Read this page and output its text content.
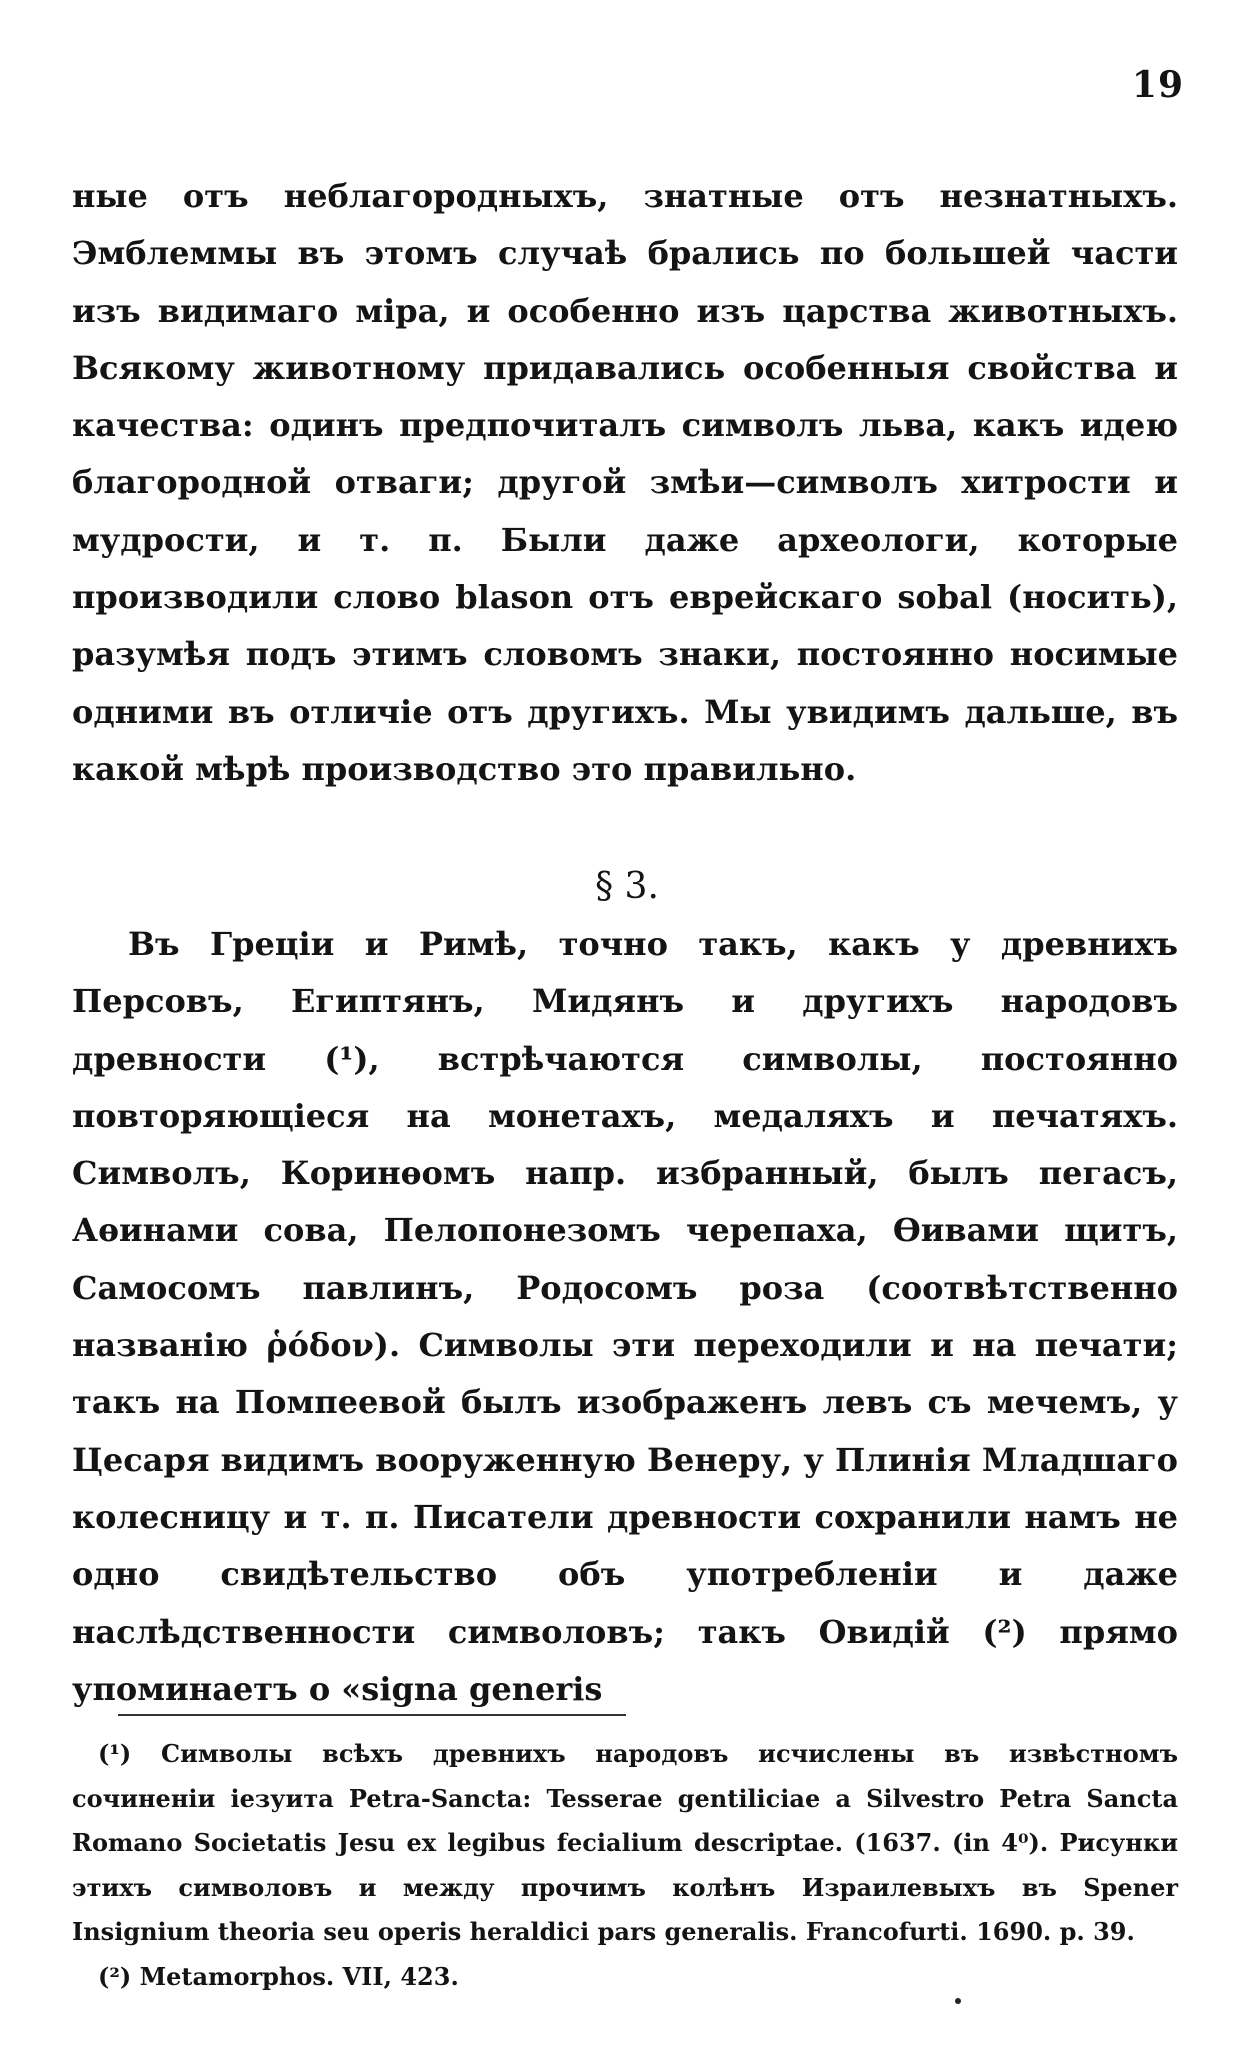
19
ные отъ неблагородныхъ, знатные отъ незнатныхъ. Эмблеммы въ этомъ случаѣ брались по большей части изъ видимаго міра, и особенно изъ царства животныхъ. Всякому животному придавались особенныя свойства и качества: одинъ предпочиталъ символъ льва, какъ идею благородной отваги; другой змѣи—символъ хитрости и мудрости, и т. п. Были даже археологи, которые производили слово blason отъ еврейскаго sobal (носить), разумѣя подъ этимъ словомъ знаки, постоянно носимые одними въ отличіе отъ другихъ. Мы увидимъ дальше, въ какой мѣрѣ производство это правильно.
§ 3.
Въ Греціи и Римѣ, точно такъ, какъ у древнихъ Персовъ, Египтянъ, Мидянъ и другихъ народовъ древности (¹), встрѣчаются символы, постоянно повторяющіеся на монетахъ, медаляхъ и печатяхъ. Символъ, Коринѳомъ напр. избранный, былъ пегасъ, Аѳинами сова, Пелопонезомъ черепаха, Ѳивами щитъ, Самосомъ павлинъ, Родосомъ роза (соотвѣтственно названію ῥόδον). Символы эти переходили и на печати; такъ на Помпеевой былъ изображенъ левъ съ мечемъ, у Цесаря видимъ вооруженную Венеру, у Плинія Младшаго колесницу и т. п. Писатели древности сохранили намъ не одно свидѣтельство объ употребленіи и даже наслѣдственности символовъ; такъ Овидій (²) прямо упоминаетъ о «signa generis

(¹) Символы всѣхъ древнихъ народовъ исчислены въ извѣстномъ сочиненіи іезуита Petra-Sancta: Tesserae gentiliciae a Silvestro Petra Sancta Romano Societatis Jesu ex legibus fecialium descriptae. (1637. (in 4⁰). Рисунки этихъ символовъ и между прочимъ колѣнъ Израилевыхъ въ Spener Insignium theoria seu operis heraldici pars generalis. Francofurti. 1690. p. 39.

(²) Metamorphos. VII, 423.
